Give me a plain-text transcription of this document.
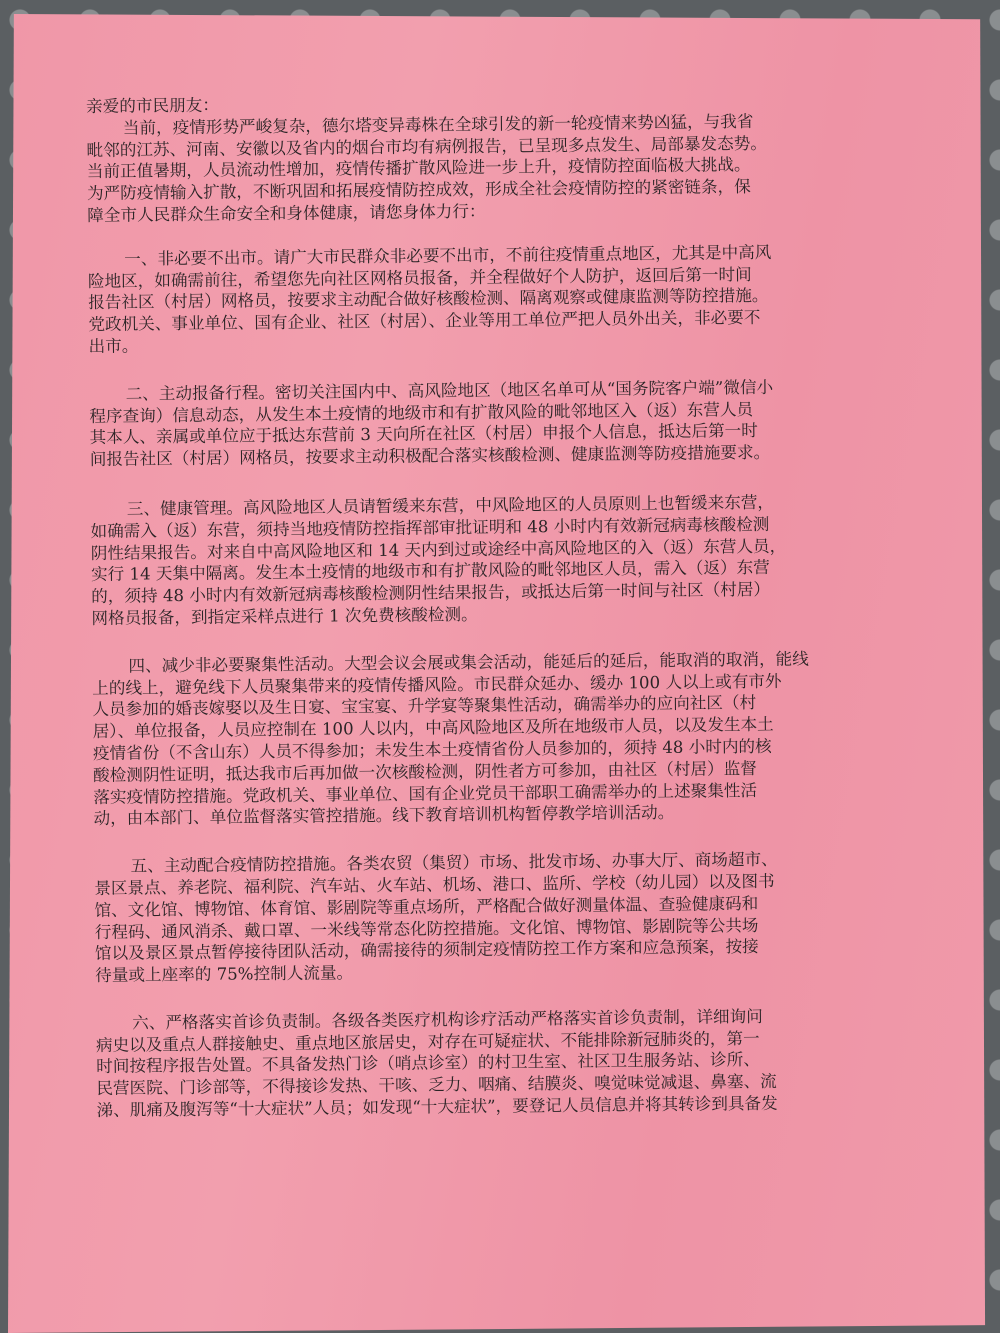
亲爱的市民朋友：
当前，疫情形势严峻复杂，德尔塔变异毒株在全球引发的新一轮疫情来势凶猛，与我省
毗邻的江苏、河南、安徽以及省内的烟台市均有病例报告，已呈现多点发生、局部暴发态势。
当前正值暑期，人员流动性增加，疫情传播扩散风险进一步上升，疫情防控面临极大挑战。
为严防疫情输入扩散，不断巩固和拓展疫情防控成效，形成全社会疫情防控的紧密链条，保
障全市人民群众生命安全和身体健康，请您身体力行：
一、非必要不出市。请广大市民群众非必要不出市，不前往疫情重点地区，尤其是中高风
险地区，如确需前往，希望您先向社区网格员报备，并全程做好个人防护，返回后第一时间
报告社区（村居）网格员，按要求主动配合做好核酸检测、隔离观察或健康监测等防控措施。
党政机关、事业单位、国有企业、社区（村居）、企业等用工单位严把人员外出关，非必要不
出市。
二、主动报备行程。密切关注国内中、高风险地区（地区名单可从“国务院客户端”微信小
程序查询）信息动态，从发生本土疫情的地级市和有扩散风险的毗邻地区入（返）东营人员
其本人、亲属或单位应于抵达东营前 3 天向所在社区（村居）申报个人信息，抵达后第一时
间报告社区（村居）网格员，按要求主动积极配合落实核酸检测、健康监测等防疫措施要求。
三、健康管理。高风险地区人员请暂缓来东营，中风险地区的人员原则上也暂缓来东营，
如确需入（返）东营，须持当地疫情防控指挥部审批证明和 48 小时内有效新冠病毒核酸检测
阴性结果报告。对来自中高风险地区和 14 天内到过或途经中高风险地区的入（返）东营人员，
实行 14 天集中隔离。发生本土疫情的地级市和有扩散风险的毗邻地区人员，需入（返）东营
的，须持 48 小时内有效新冠病毒核酸检测阴性结果报告，或抵达后第一时间与社区（村居）
网格员报备，到指定采样点进行 1 次免费核酸检测。
四、减少非必要聚集性活动。大型会议会展或集会活动，能延后的延后，能取消的取消，能线
上的线上，避免线下人员聚集带来的疫情传播风险。市民群众延办、缓办 100 人以上或有市外
人员参加的婚丧嫁娶以及生日宴、宝宝宴、升学宴等聚集性活动，确需举办的应向社区（村
居）、单位报备，人员应控制在 100 人以内，中高风险地区及所在地级市人员，以及发生本土
疫情省份（不含山东）人员不得参加；未发生本土疫情省份人员参加的，须持 48 小时内的核
酸检测阴性证明，抵达我市后再加做一次核酸检测，阴性者方可参加，由社区（村居）监督
落实疫情防控措施。党政机关、事业单位、国有企业党员干部职工确需举办的上述聚集性活
动，由本部门、单位监督落实管控措施。线下教育培训机构暂停教学培训活动。
五、主动配合疫情防控措施。各类农贸（集贸）市场、批发市场、办事大厅、商场超市、
景区景点、养老院、福利院、汽车站、火车站、机场、港口、监所、学校（幼儿园）以及图书
馆、文化馆、博物馆、体育馆、影剧院等重点场所，严格配合做好测量体温、查验健康码和
行程码、通风消杀、戴口罩、一米线等常态化防控措施。文化馆、博物馆、影剧院等公共场
馆以及景区景点暂停接待团队活动，确需接待的须制定疫情防控工作方案和应急预案，按接
待量或上座率的 75%控制人流量。
六、严格落实首诊负责制。各级各类医疗机构诊疗活动严格落实首诊负责制，详细询问
病史以及重点人群接触史、重点地区旅居史，对存在可疑症状、不能排除新冠肺炎的，第一
时间按程序报告处置。不具备发热门诊（哨点诊室）的村卫生室、社区卫生服务站、诊所、
民营医院、门诊部等，不得接诊发热、干咳、乏力、咽痛、结膜炎、嗅觉味觉减退、鼻塞、流
涕、肌痛及腹泻等“十大症状”人员；如发现“十大症状”，要登记人员信息并将其转诊到具备发
